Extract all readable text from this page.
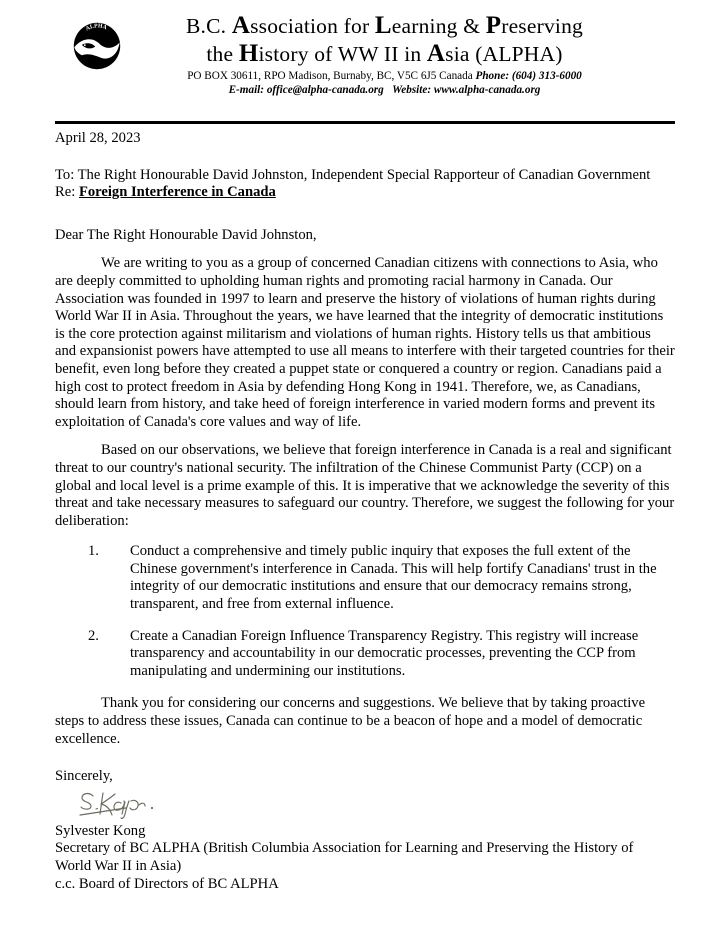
ALPHA
SINCE 1997
B.C. Association for Learning & Preserving
the History of WW II in Asia (ALPHA)
PO BOX 30611, RPO Madison, Burnaby, BC, V5C 6J5 Canada Phone: (604) 313-6000
E-mail: office@alpha-canada.org Website: www.alpha-canada.org
April 28, 2023
To: The Right Honourable David Johnston, Independent Special Rapporteur of Canadian Government
Re: Foreign Interference in Canada
Dear The Right Honourable David Johnston,
We are writing to you as a group of concerned Canadian citizens with connections to Asia, who are deeply committed to upholding human rights and promoting racial harmony in Canada. Our Association was founded in 1997 to learn and preserve the history of violations of human rights during World War II in Asia. Throughout the years, we have learned that the integrity of democratic institutions is the core protection against militarism and violations of human rights. History tells us that ambitious and expansionist powers have attempted to use all means to interfere with their targeted countries for their benefit, even long before they created a puppet state or conquered a country or region. Canadians paid a high cost to protect freedom in Asia by defending Hong Kong in 1941. Therefore, we, as Canadians, should learn from history, and take heed of foreign interference in varied modern forms and prevent its exploitation of Canada's core values and way of life.
Based on our observations, we believe that foreign interference in Canada is a real and significant threat to our country's national security. The infiltration of the Chinese Communist Party (CCP) on a global and local level is a prime example of this. It is imperative that we acknowledge the severity of this threat and take necessary measures to safeguard our country. Therefore, we suggest the following for your deliberation:
1. Conduct a comprehensive and timely public inquiry that exposes the full extent of the Chinese government's interference in Canada. This will help fortify Canadians' trust in the integrity of our democratic institutions and ensure that our democracy remains strong, transparent, and free from external influence.
2. Create a Canadian Foreign Influence Transparency Registry. This registry will increase transparency and accountability in our democratic processes, preventing the CCP from manipulating and undermining our institutions.
Thank you for considering our concerns and suggestions. We believe that by taking proactive steps to address these issues, Canada can continue to be a beacon of hope and a model of democratic excellence.
Sincerely,
Sylvester Kong
Secretary of BC ALPHA (British Columbia Association for Learning and Preserving the History of
World War II in Asia)
c.c. Board of Directors of BC ALPHA
